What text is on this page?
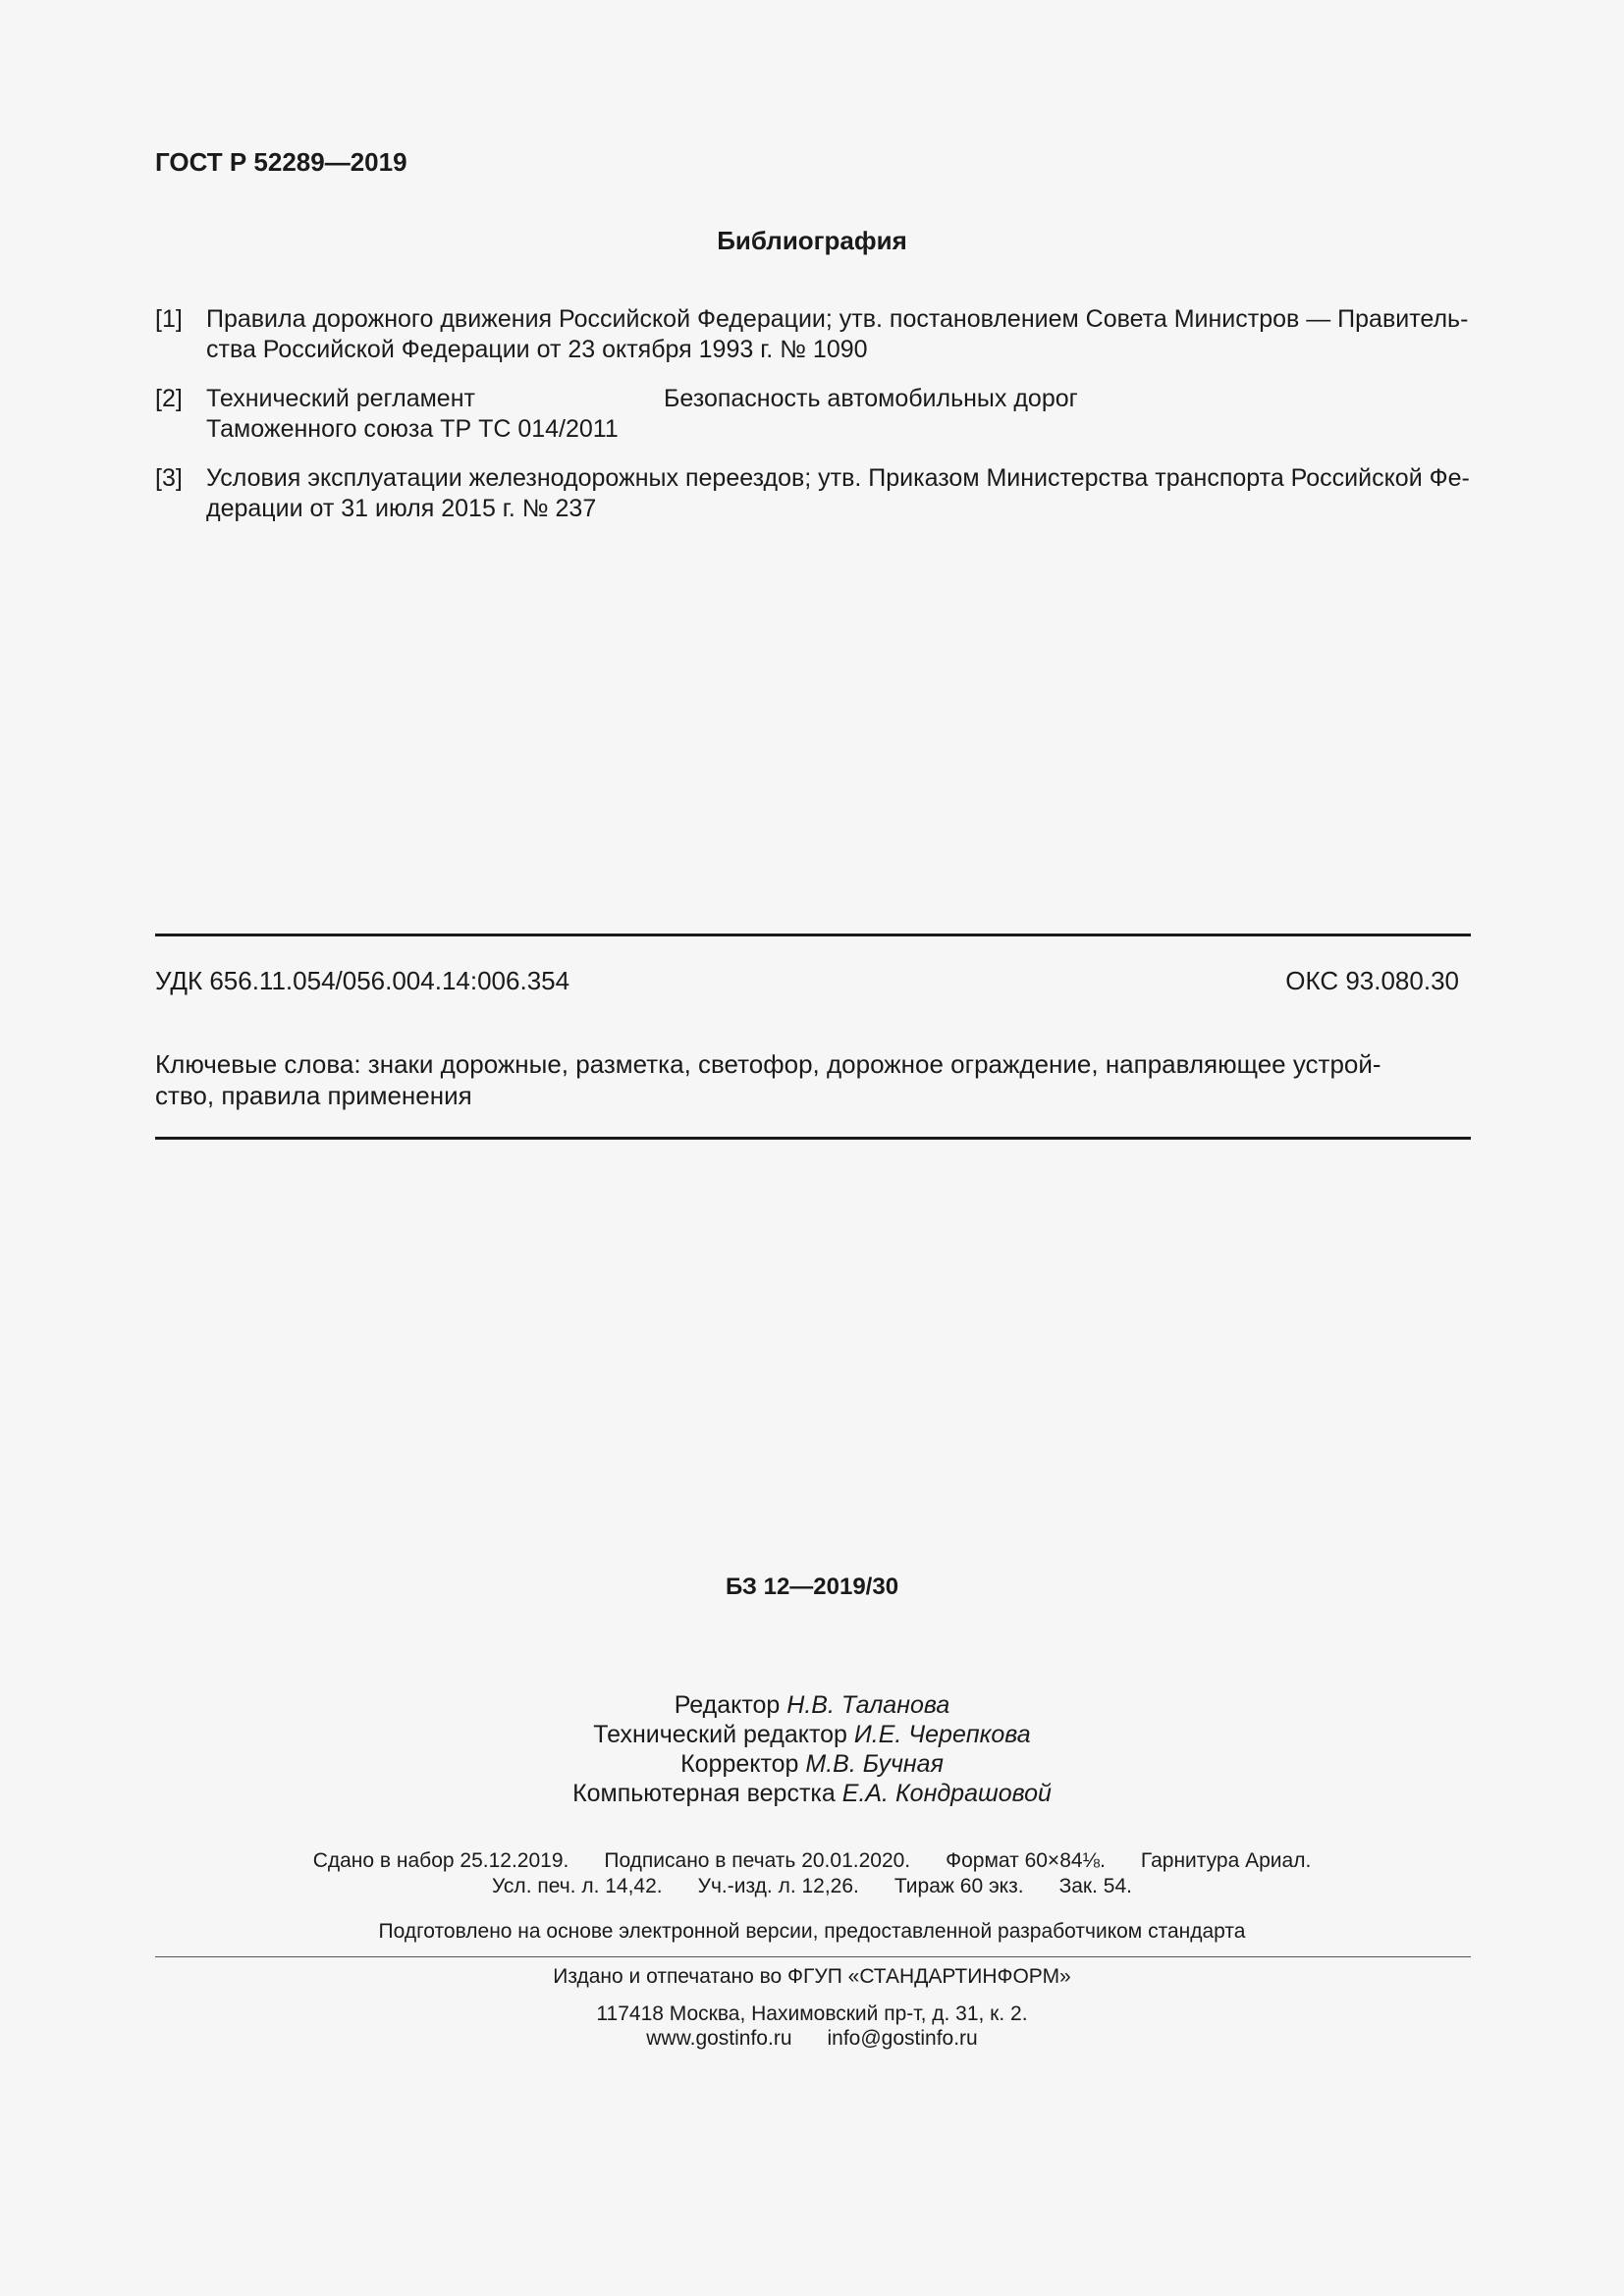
ГОСТ Р 52289—2019
Библиография
[1] Правила дорожного движения Российской Федерации; утв. постановлением Совета Министров — Правитель-
ства Российской Федерации от 23 октября 1993 г. № 1090
[2] Технический регламент
Таможенного союза ТР ТС 014/2011
Безопасность автомобильных дорог
[3] Условия эксплуатации железнодорожных переездов; утв. Приказом Министерства транспорта Российской Фе-
дерации от 31 июля 2015 г. № 237
УДК 656.11.054/056.004.14:006.354	ОКС 93.080.30
Ключевые слова: знаки дорожные, разметка, светофор, дорожное ограждение, направляющее устрой-
ство, правила применения
БЗ 12—2019/30
Редактор Н.В. Таланова
Технический редактор И.Е. Черепкова
Корректор М.В. Бучная
Компьютерная верстка Е.А. Кондрашовой
Сдано в набор 25.12.2019. Подписано в печать 20.01.2020. Формат 60×84⅛. Гарнитура Ариал.
Усл. печ. л. 14,42. Уч.-изд. л. 12,26. Тираж 60 экз. Зак. 54.
Подготовлено на основе электронной версии, предоставленной разработчиком стандарта
Издано и отпечатано во ФГУП «СТАНДАРТИНФОРМ»
117418 Москва, Нахимовский пр-т, д. 31, к. 2.
www.gostinfo.ru info@gostinfo.ru
